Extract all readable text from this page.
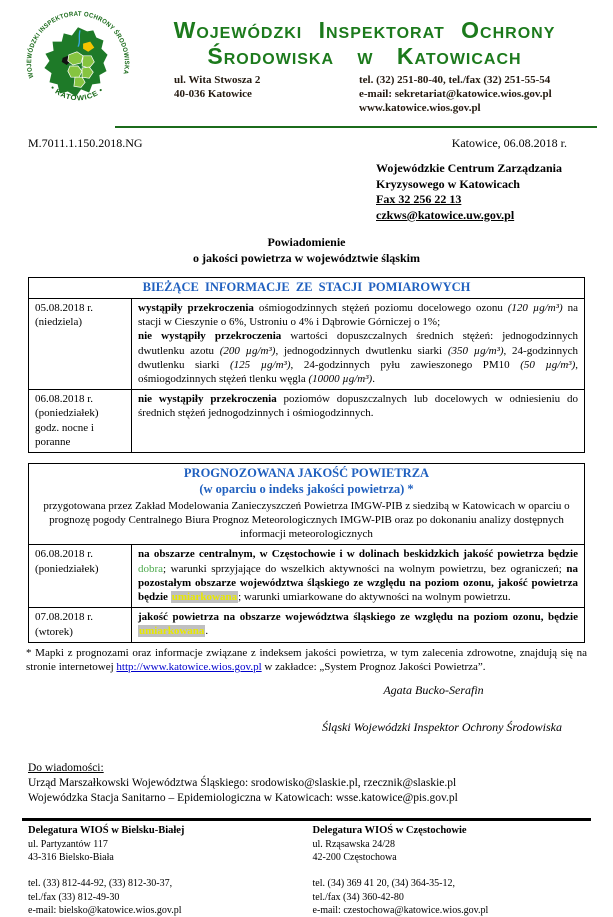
WOJEWÓDZKI INSPEKTORAT OCHRONY ŚRODOWISKA
• KATOWICE •
Wojewódzki Inspektorat Ochrony
Środowiska w Katowicach
ul. Wita Stwosza 2
40-036 Katowice
tel. (32) 251-80-40, tel./fax (32) 251-55-54
e-mail: sekretariat@katowice.wios.gov.pl
www.katowice.wios.gov.pl
M.7011.1.150.2018.NG	Katowice, 06.08.2018 r.
Wojewódzkie Centrum Zarządzania
Kryzysowego w Katowicach
Fax 32 256 22 13
czkws@katowice.uw.gov.pl
Powiadomienie
o jakości powietrza w województwie śląskim
BIEŻĄCE INFORMACJE ZE STACJI POMIAROWYCH	

05.08.2018 r.
(niedziela)

wystąpiły przekroczenia ośmiogodzinnych stężeń poziomu docelowego ozonu (120 µg/m³) na stacji w Cieszynie o 6%, Ustroniu o 4% i Dąbrowie Górniczej o 1%;
nie wystąpiły przekroczenia wartości dopuszczalnych średnich stężeń: jednogodzinnych dwutlenku azotu (200 µg/m³), jednogodzinnych dwutlenku siarki (350 µg/m³), 24-godzinnych dwutlenku siarki (125 µg/m³), 24-godzinnych pyłu zawieszonego PM10 (50 µg/m³), ośmiogodzinnych stężeń tlenku węgla (10000 µg/m³).

06.08.2018 r.
(poniedziałek)
godz. nocne i
poranne	nie wystąpiły przekroczenia poziomów dopuszczalnych lub docelowych w odniesieniu do średnich stężeń jednogodzinnych i ośmiogodzinnych.
PROGNOZOWANA JAKOŚĆ POWIETRZA
(w oparciu o indeks jakości powietrza) *
przygotowana przez Zakład Modelowania Zanieczyszczeń Powietrza IMGW-PIB z siedzibą w Katowicach w oparciu o prognozę pogody Centralnego Biura Prognoz Meteorologicznych IMGW-PIB oraz po dokonaniu analizy dostępnych informacji meteorologicznych	

06.08.2018 r.
(poniedziałek)	na obszarze centralnym, w Częstochowie i w dolinach beskidzkich jakość powietrza będzie dobra; warunki sprzyjające do wszelkich aktywności na wolnym powietrzu, bez ograniczeń; na pozostałym obszarze województwa śląskiego ze względu na poziom ozonu, jakość powietrza będzie umiarkowana; warunki umiarkowane do aktywności na wolnym powietrzu.

07.08.2018 r.
(wtorek)	jakość powietrza na obszarze województwa śląskiego ze względu na poziom ozonu, będzie umiarkowana.
* Mapki z prognozami oraz informacje związane z indeksem jakości powietrza, w tym zalecenia zdrowotne, znajdują się na stronie internetowej http://www.katowice.wios.gov.pl w zakładce: „System Prognoz Jakości Powietrza”.
Agata Bucko-Serafin
Śląski Wojewódzki Inspektor Ochrony Środowiska
Do wiadomości:
Urząd Marszałkowski Województwa Śląskiego: srodowisko@slaskie.pl, rzecznik@slaskie.pl
Wojewódzka Stacja Sanitarno – Epidemiologiczna w Katowicach: wsse.katowice@pis.gov.pl
Delegatura WIOŚ w Bielsku-Białej
ul. Partyzantów 117
43-316 Bielsko-Biała
tel. (33) 812-44-92, (33) 812-30-37,
tel./fax (33) 812-49-30
e-mail: bielsko@katowice.wios.gov.pl
Delegatura WIOŚ w Częstochowie
ul. Rząsawska 24/28
42-200 Częstochowa
tel. (34) 369 41 20, (34) 364-35-12,
tel./fax (34) 360-42-80
e-mail: czestochowa@katowice.wios.gov.pl
